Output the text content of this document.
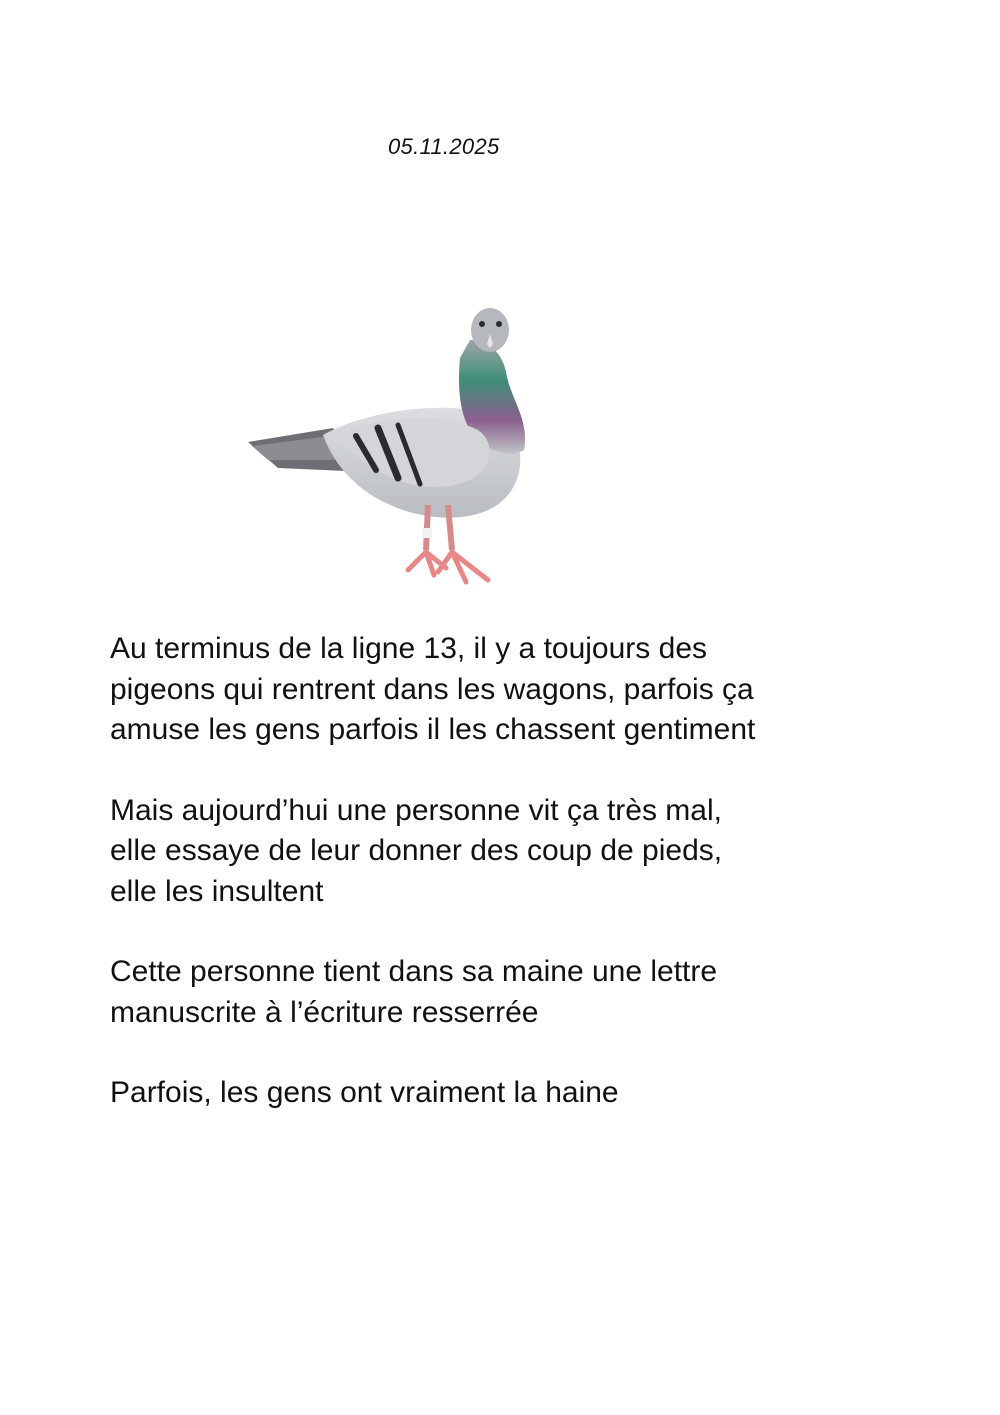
05.11.2025

Au terminus de la ligne 13, il y a toujours des
pigeons qui rentrent dans les wagons, parfois ça
amuse les gens parfois il les chassent gentiment

Mais aujourd’hui une personne vit ça très mal,
elle essaye de leur donner des coup de pieds,
elle les insultent

Cette personne tient dans sa maine une lettre
manuscrite à l’écriture resserrée

Parfois, les gens ont vraiment la haine
